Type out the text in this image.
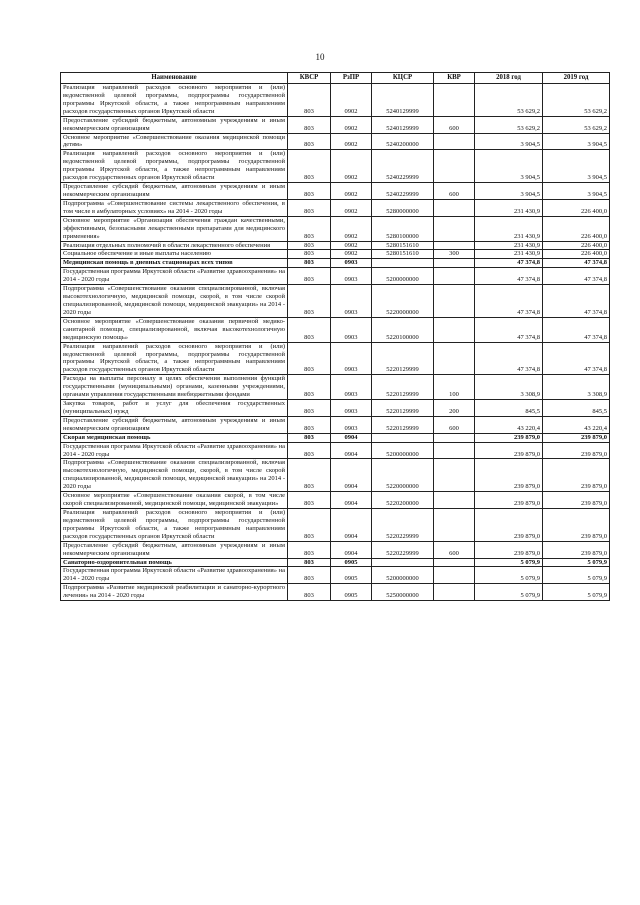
10
Наименование	КВСР	РзПР	КЦСР	КВР	2018 год	2019 год
Реализация направлений расходов основного мероприятия и (или) ведомственной целевой программы, подпрограммы государственной программы Иркутской области, а также непрограммным направлениям расходов государственных органов Иркутской области	803	0902	5240129999		53 629,2	53 629,2
Предоставление субсидий бюджетным, автономным учреждениям и иным некоммерческим организациям	803	0902	5240129999	600	53 629,2	53 629,2
Основное мероприятие «Совершенствование оказания медицинской помощи детям»	803	0902	5240200000		3 904,5	3 904,5
Реализация направлений расходов основного мероприятия и (или) ведомственной целевой программы, подпрограммы государственной программы Иркутской области, а также непрограммным направлениям расходов государственных органов Иркутской области	803	0902	5240229999		3 904,5	3 904,5
Предоставление субсидий бюджетным, автономным учреждениям и иным некоммерческим организациям	803	0902	5240229999	600	3 904,5	3 904,5
Подпрограмма «Совершенствование системы лекарственного обеспечения, в том числе в амбулаторных условиях» на 2014 - 2020 годы	803	0902	5280000000		231 430,9	226 400,0
Основное мероприятие «Организация обеспечения граждан качественными, эффективными, безопасными лекарственными препаратами для медицинского применения»	803	0902	5280100000		231 430,9	226 400,0
Реализация отдельных полномочий в области лекарственного обеспечения	803	0902	5280151610		231 430,9	226 400,0
Социальное обеспечение и иные выплаты населению	803	0902	5280151610	300	231 430,9	226 400,0
Медицинская помощь в дневных стационарах всех типов	803	0903			47 374,8	47 374,8
Государственная программа Иркутской области «Развитие здравоохранения» на 2014 - 2020 годы	803	0903	5200000000		47 374,8	47 374,8
Подпрограмма «Совершенствование оказания специализированной, включая высокотехнологичную, медицинской помощи, скорой, в том числе скорой специализированной, медицинской помощи, медицинской эвакуации» на 2014 - 2020 годы	803	0903	5220000000		47 374,8	47 374,8
Основное мероприятие «Совершенствование оказания первичной медико-санитарной помощи, специализированной, включая высокотехнологичную медицинскую помощь»	803	0903	5220100000		47 374,8	47 374,8
Реализация направлений расходов основного мероприятия и (или) ведомственной целевой программы, подпрограммы государственной программы Иркутской области, а также непрограммным направлениям расходов государственных органов Иркутской области	803	0903	5220129999		47 374,8	47 374,8
Расходы на выплаты персоналу в целях обеспечения выполнения функций государственными (муниципальными) органами, казенными учреждениями, органами управления государственными внебюджетными фондами	803	0903	5220129999	100	3 308,9	3 308,9
Закупка товаров, работ и услуг для обеспечения государственных (муниципальных) нужд	803	0903	5220129999	200	845,5	845,5
Предоставление субсидий бюджетным, автономным учреждениям и иным некоммерческим организациям	803	0903	5220129999	600	43 220,4	43 220,4
Скорая медицинская помощь	803	0904			239 879,0	239 879,0
Государственная программа Иркутской области «Развитие здравоохранения» на 2014 - 2020 годы	803	0904	5200000000		239 879,0	239 879,0
Подпрограмма «Совершенствование оказания специализированной, включая высокотехнологичную, медицинской помощи, скорой, в том числе скорой специализированной, медицинской помощи, медицинской эвакуации» на 2014 - 2020 годы	803	0904	5220000000		239 879,0	239 879,0
Основное мероприятие «Совершенствование оказания скорой, в том числе скорой специализированной, медицинской помощи, медицинской эвакуации»	803	0904	5220200000		239 879,0	239 879,0
Реализация направлений расходов основного мероприятия и (или) ведомственной целевой программы, подпрограммы государственной программы Иркутской области, а также непрограммным направлениям расходов государственных органов Иркутской области	803	0904	5220229999		239 879,0	239 879,0
Предоставление субсидий бюджетным, автономным учреждениям и иным некоммерческим организациям	803	0904	5220229999	600	239 879,0	239 879,0
Санаторно-оздоровительная помощь	803	0905			5 079,9	5 079,9
Государственная программа Иркутской области «Развитие здравоохранения» на 2014 - 2020 годы	803	0905	5200000000		5 079,9	5 079,9
Подпрограмма «Развитие медицинской реабилитации и санаторно-курортного лечения» на 2014 - 2020 годы	803	0905	5250000000		5 079,9	5 079,9
